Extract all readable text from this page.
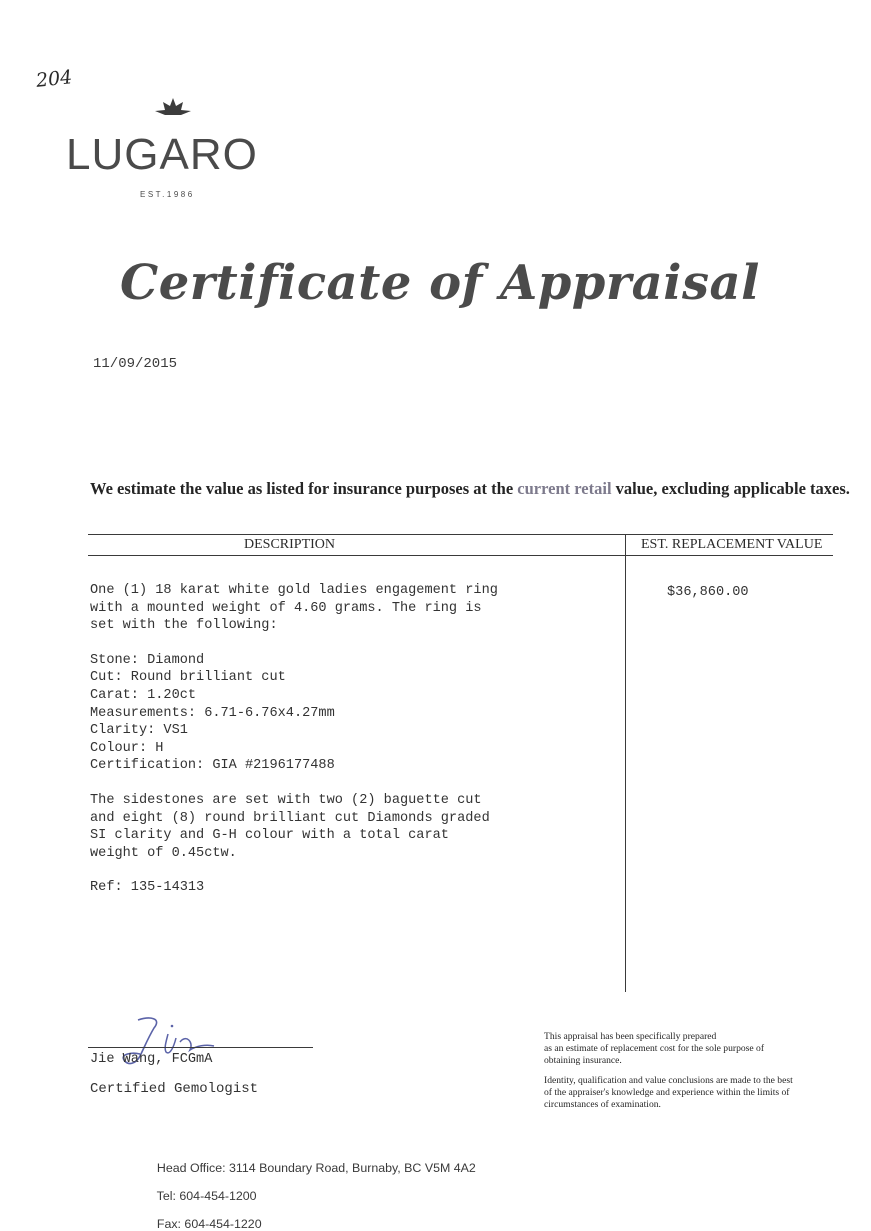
204
LUGARO
EST.1986
Certificate of Appraisal
11/09/2015
We estimate the value as listed for insurance purposes at the current retail value, excluding applicable taxes.
DESCRIPTION	EST. REPLACEMENT VALUE
One (1) 18 karat white gold ladies engagement ring
with a mounted weight of 4.60 grams. The ring is
set with the following:
Stone: Diamond
Cut: Round brilliant cut
Carat: 1.20ct
Measurements: 6.71-6.76x4.27mm
Clarity: VS1
Colour: H
Certification: GIA #2196177488
The sidestones are set with two (2) baguette cut
and eight (8) round brilliant cut Diamonds graded
SI clarity and G-H colour with a total carat
weight of 0.45ctw.
Ref: 135-14313
$36,860.00
Jie Wang, FCGmA
Certified Gemologist
This appraisal has been specifically prepared
as an estimate of replacement cost for the sole purpose of
obtaining insurance.
Identity, qualification and value conclusions are made to the best
of the appraiser's knowledge and experience within the limits of
circumstances of examination.

Head Office: 3114 Boundary Road, Burnaby, BC V5M 4A2

Tel: 604-454-1200

Fax: 604-454-1220
